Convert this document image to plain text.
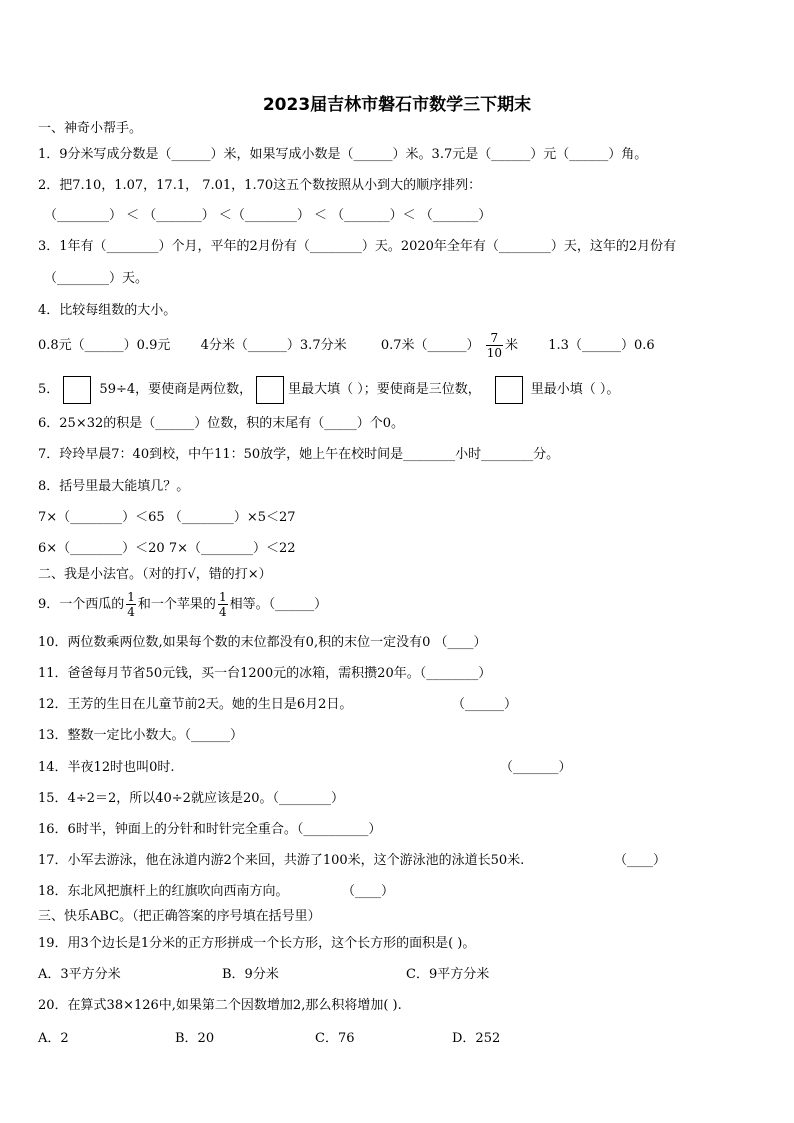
2023届吉林市磐石市数学三下期末
一、神奇小帮手。
1．9分米写成分数是（______）米，如果写成小数是（______）米。3.7元是（______）元（______）角。
2．把7.10，1.07，17.1， 7.01，1.70这五个数按照从小到大的顺序排列：
（________） ＜ （_______） ＜（________） ＜ （_______）＜ （_______）
3．1年有（________）个月，平年的2月份有（________）天。2020年全年有（________）天，这年的2月份有
（________）天。
4．比较每组数的大小。
0.8元（______）0.9元 4分米（______）3.7分米	0.7米（______） $\frac{7}{10}$ 米 1.3（______）0.6
5．	59÷4，要使商是两位数，	里最大填（ ）；要使商是三位数，	里最小填（ ）。
6．25×32的积是（______）位数，积的末尾有（_____）个0。
7．玲玲早晨7：40到校，中午11：50放学，她上午在校时间是________小时________分。
8．括号里最大能填几？。
7×（________）＜65 （________）×5＜27
6×（________）＜20 7×（________）＜22
二、我是小法官。（对的打√，错的打×）
9．一个西瓜的 $\frac{1}{4}$ 和一个苹果的 $\frac{1}{4}$ 相等。（______）
10．两位数乘两位数,如果每个数的末位都没有0,积的末位一定没有0 （____）
11．爸爸每月节省50元钱，买一台1200元的冰箱，需积攒20年。（________）
12．王芳的生日在儿童节前2天。她的生日是6月2日。	（______）
13．整数一定比小数大。（______）
14．半夜12时也叫0时.	（_______）
15．4÷2＝2，所以40÷2就应该是20。（________）
16．6时半，钟面上的分针和时针完全重合。（__________）
17．小军去游泳，他在泳道内游2个来回，共游了100米，这个游泳池的泳道长50米.	（____）
18．东北风把旗杆上的红旗吹向西南方向。	（____）
三、快乐ABC。（把正确答案的序号填在括号里）
19．用3个边长是1分米的正方形拼成一个长方形，这个长方形的面积是( )。
A．3平方分米	B．9分米	C．9平方分米
20．在算式38×126中,如果第二个因数增加2,那么积将增加( ).
A．2	B．20	C．76	D．252
